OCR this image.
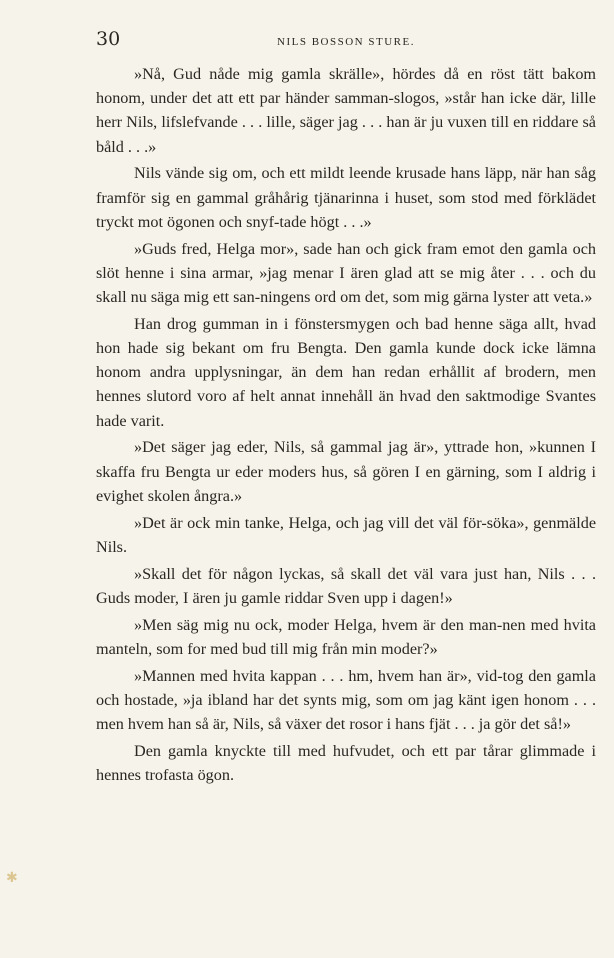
30	NILS BOSSON STURE.

»Nå, Gud nåde mig gamla skrälle», hördes då en röst tätt bakom honom, under det att ett par händer samman-slogos, »står han icke där, lille herr Nils, lifslefvande . . . lille, säger jag . . . han är ju vuxen till en riddare så båld . . .»

Nils vände sig om, och ett mildt leende krusade hans läpp, när han såg framför sig en gammal gråhårig tjänarinna i huset, som stod med förklädet tryckt mot ögonen och snyf-tade högt . . .»

»Guds fred, Helga mor», sade han och gick fram emot den gamla och slöt henne i sina armar, »jag menar I ären glad att se mig åter . . . och du skall nu säga mig ett san-ningens ord om det, som mig gärna lyster att veta.»

Han drog gumman in i fönstersmygen och bad henne säga allt, hvad hon hade sig bekant om fru Bengta. Den gamla kunde dock icke lämna honom andra upplysningar, än dem han redan erhållit af brodern, men hennes slutord voro af helt annat innehåll än hvad den saktmodige Svantes hade varit.

»Det säger jag eder, Nils, så gammal jag är», yttrade hon, »kunnen I skaffa fru Bengta ur eder moders hus, så gören I en gärning, som I aldrig i evighet skolen ångra.»

»Det är ock min tanke, Helga, och jag vill det väl för-söka», genmälde Nils.

»Skall det för någon lyckas, så skall det väl vara just han, Nils . . . Guds moder, I ären ju gamle riddar Sven upp i dagen!»

»Men säg mig nu ock, moder Helga, hvem är den man-nen med hvita manteln, som for med bud till mig från min moder?»

»Mannen med hvita kappan . . . hm, hvem han är», vid-tog den gamla och hostade, »ja ibland har det synts mig, som om jag känt igen honom . . . men hvem han så är, Nils, så växer det rosor i hans fjät . . . ja gör det så!»

Den gamla knyckte till med hufvudet, och ett par tårar glimmade i hennes trofasta ögon.

✱
